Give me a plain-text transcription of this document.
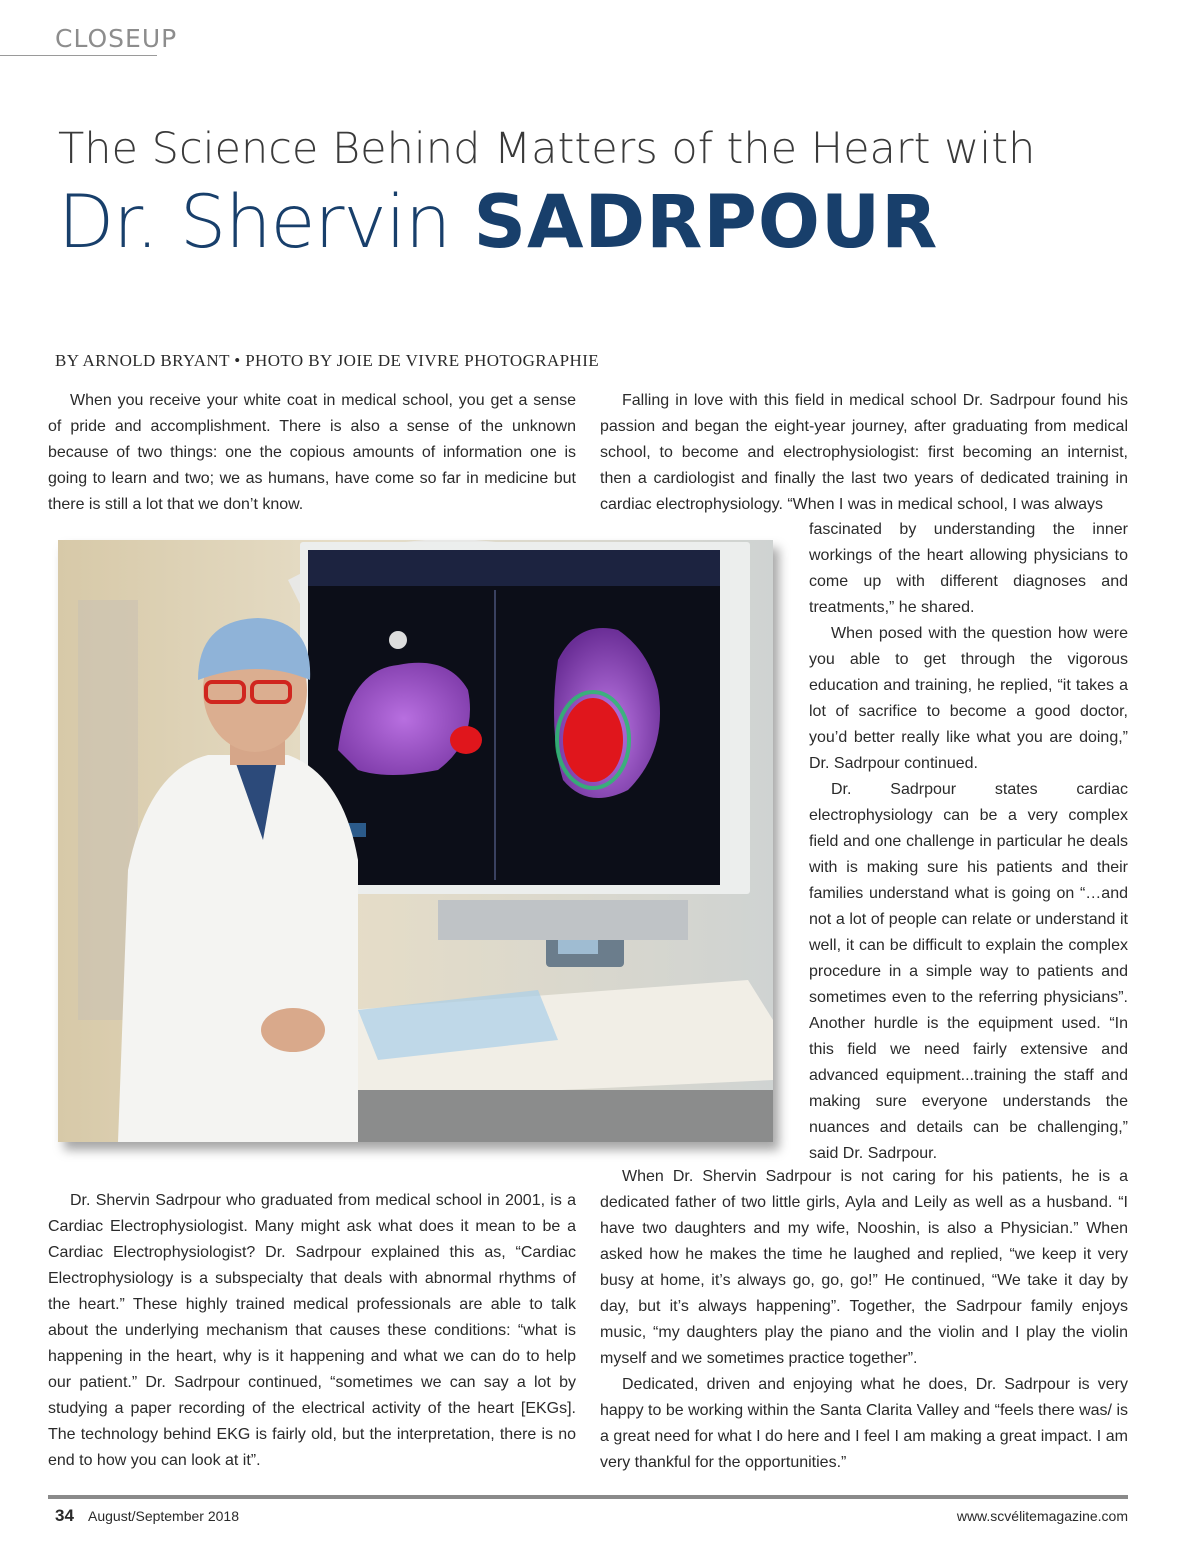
CLOSEUP
The Science Behind Matters of the Heart with
Dr. Shervin SADRPOUR
BY ARNOLD BRYANT • PHOTO BY JOIE DE VIVRE PHOTOGRAPHIE

When you receive your white coat in medical school, you get a sense of pride and accomplishment. There is also a sense of the unknown because of two things: one the copious amounts of information one is going to learn and two; we as humans, have come so far in medicine but there is still a lot that we don’t know.

Falling in love with this field in medical school Dr. Sadrpour found his passion and began the eight-year journey, after graduating from medical school, to become and electrophysiologist: first becoming an internist, then a cardiologist and finally the last two years of dedicated training in cardiac electrophysiology. “When I was in medical school, I was always

fascinated by understanding the inner workings of the heart allowing physicians to come up with different diagnoses and treatments,” he shared.

When posed with the question how were you able to get through the vigorous education and training, he replied, “it takes a lot of sacrifice to become a good doctor, you’d better really like what you are doing,” Dr. Sadrpour continued.

Dr. Sadrpour states cardiac electrophysiology can be a very complex field and one challenge in particular he deals with is making sure his patients and their families understand what is going on “…and not a lot of people can relate or understand it well, it can be difficult to explain the complex procedure in a simple way to patients and sometimes even to the referring physicians”. Another hurdle is the equipment used. “In this field we need fairly extensive and advanced equipment...training the staff and making sure everyone understands the nuances and details can be challenging,” said Dr. Sadrpour.

When Dr. Shervin Sadrpour is not caring for his patients, he is a dedicated father of two little girls, Ayla and Leily as well as a husband. “I have two daughters and my wife, Nooshin, is also a Physician.” When asked how he makes the time he laughed and replied, “we keep it very busy at home, it’s always go, go, go!” He continued, “We take it day by day, but it’s always happening”. Together, the Sadrpour family enjoys music, “my daughters play the piano and the violin and I play the violin myself and we sometimes practice together”.

Dedicated, driven and enjoying what he does, Dr. Sadrpour is very happy to be working within the Santa Clarita Valley and “feels there was/ is a great need for what I do here and I feel I am making a great impact. I am very thankful for the opportunities.”

Dr. Shervin Sadrpour who graduated from medical school in 2001, is a Cardiac Electrophysiologist. Many might ask what does it mean to be a Cardiac Electrophysiologist? Dr. Sadrpour explained this as, “Cardiac Electrophysiology is a subspecialty that deals with abnormal rhythms of the heart.” These highly trained medical professionals are able to talk about the underlying mechanism that causes these conditions: “what is happening in the heart, why is it happening and what we can do to help our patient.” Dr. Sadrpour continued, “sometimes we can say a lot by studying a paper recording of the electrical activity of the heart [EKGs]. The technology behind EKG is fairly old, but the interpretation, there is no end to how you can look at it”.

34 August/September 2018	www.scvélitemagazine.com
